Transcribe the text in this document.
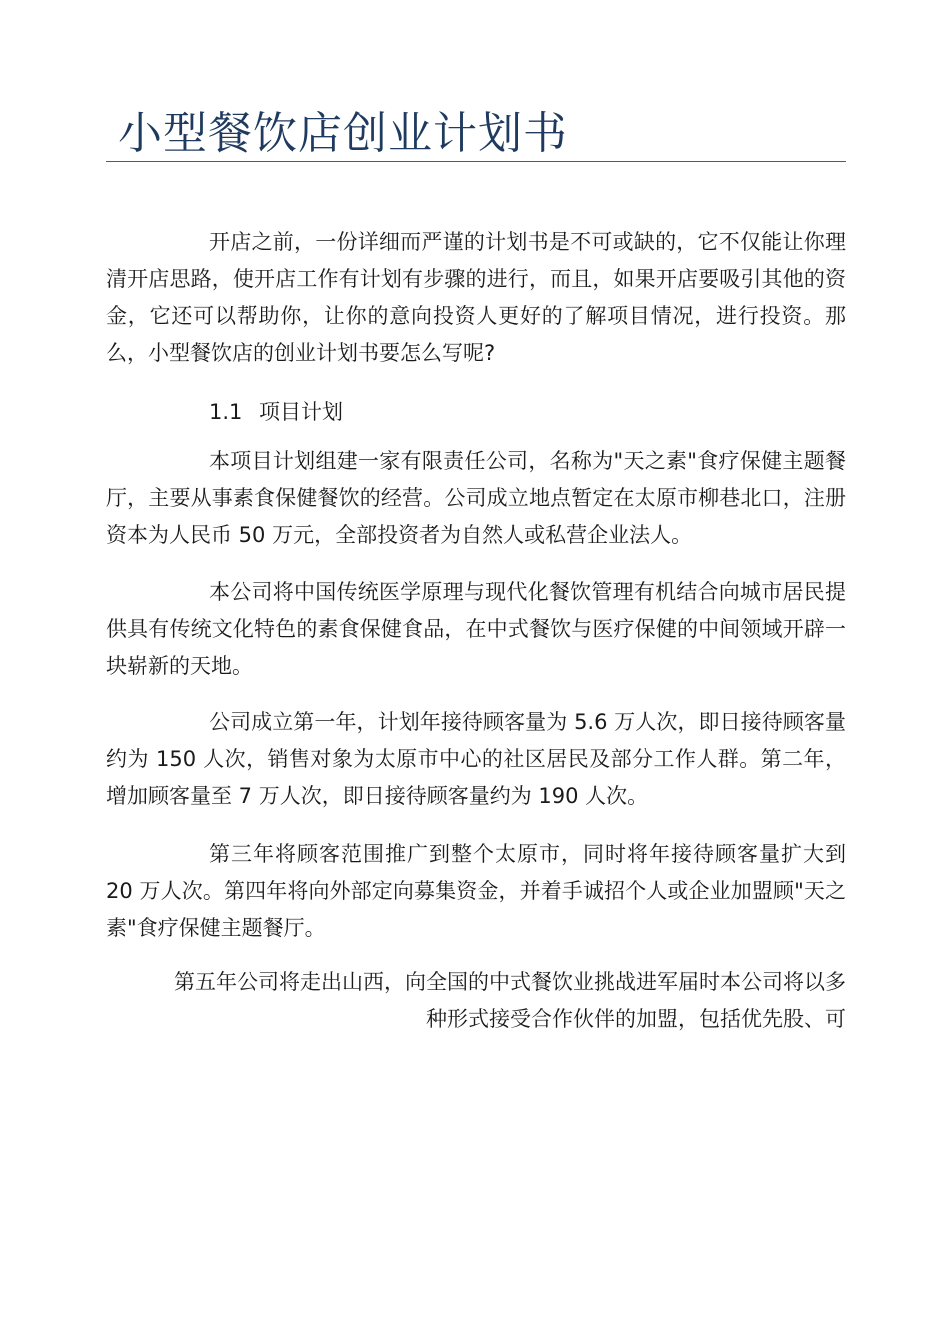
小型餐饮店创业计划书

开店之前，一份详细而严谨的计划书是不可或缺的，它不仅能让你理清开店思路，使开店工作有计划有步骤的进行，而且，如果开店要吸引其他的资金，它还可以帮助你，让你的意向投资人更好的了解项目情况，进行投资。那么，小型餐饮店的创业计划书要怎么写呢?

1.1 项目计划

本项目计划组建一家有限责任公司，名称为"天之素"食疗保健主题餐厅，主要从事素食保健餐饮的经营。公司成立地点暂定在太原市柳巷北口，注册资本为人民币 50 万元，全部投资者为自然人或私营企业法人。

本公司将中国传统医学原理与现代化餐饮管理有机结合向城市居民提供具有传统文化特色的素食保健食品，在中式餐饮与医疗保健的中间领域开辟一块崭新的天地。

公司成立第一年，计划年接待顾客量为 5.6 万人次，即日接待顾客量约为 150 人次，销售对象为太原市中心的社区居民及部分工作人群。第二年，增加顾客量至 7 万人次，即日接待顾客量约为 190 人次。

第三年将顾客范围推广到整个太原市，同时将年接待顾客量扩大到 20 万人次。第四年将向外部定向募集资金，并着手诚招个人或企业加盟顾"天之素"食疗保健主题餐厅。

第五年公司将走出山西，向全国的中式餐饮业挑战进军届时本公司将以多

种形式接受合作伙伴的加盟，包括优先股、可
